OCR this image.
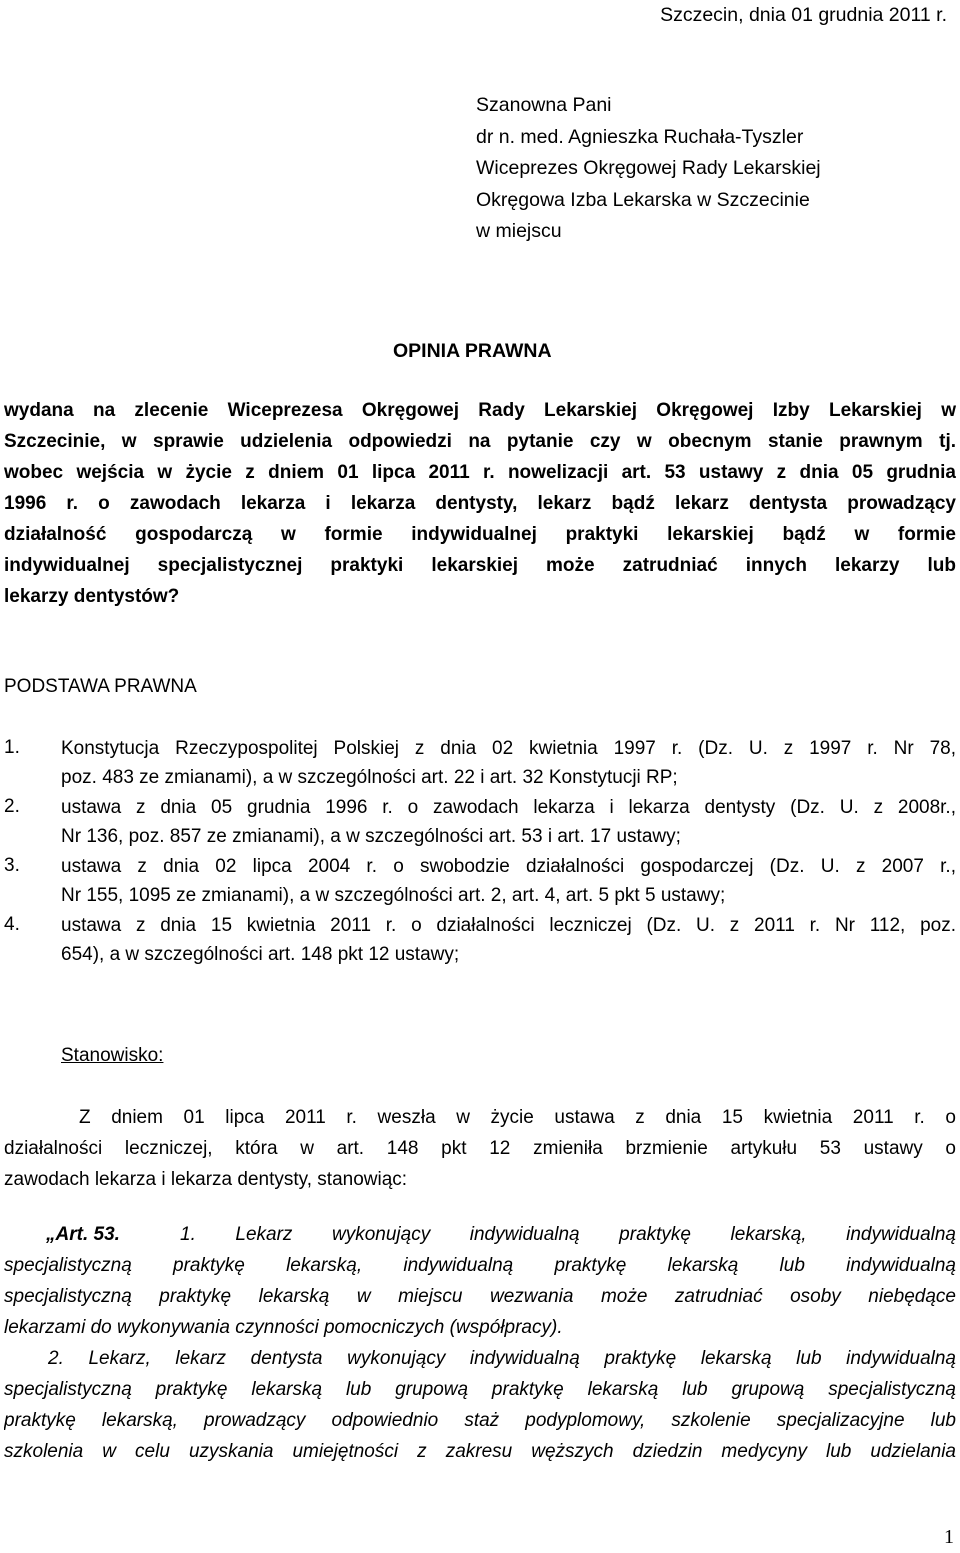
Szczecin, dnia 01 grudnia 2011 r.

Szanowna Pani
dr n. med. Agnieszka Ruchała-Tyszler
Wiceprezes Okręgowej Rady Lekarskiej
Okręgowa Izba Lekarska w Szczecinie
w miejscu

OPINIA PRAWNA

wydana na zlecenie Wiceprezesa Okręgowej Rady Lekarskiej Okręgowej Izby Lekarskiej w
Szczecinie, w sprawie udzielenia odpowiedzi na pytanie czy w obecnym stanie prawnym tj.
wobec wejścia w życie z dniem 01 lipca 2011 r. nowelizacji art. 53 ustawy z dnia 05 grudnia
1996 r. o zawodach lekarza i lekarza dentysty, lekarz bądź lekarz dentysta prowadzący
działalność gospodarczą w formie indywidualnej praktyki lekarskiej bądź w formie
indywidualnej specjalistycznej praktyki lekarskiej może zatrudniać innych lekarzy lub
lekarzy dentystów?

PODSTAWA PRAWNA

1.	Konstytucja Rzeczypospolitej Polskiej z dnia 02 kwietnia 1997 r. (Dz. U. z 1997 r. Nr 78,
poz. 483 ze zmianami), a w szczególności art. 22 i art. 32 Konstytucji RP;
2.	ustawa z dnia 05 grudnia 1996 r. o zawodach lekarza i lekarza dentysty (Dz. U. z 2008r.,
Nr 136, poz. 857 ze zmianami), a w szczególności art. 53 i art. 17 ustawy;
3.	ustawa z dnia 02 lipca 2004 r. o swobodzie działalności gospodarczej (Dz. U. z 2007 r.,
Nr 155, 1095 ze zmianami), a w szczególności art. 2, art. 4, art. 5 pkt 5 ustawy;
4.	ustawa z dnia 15 kwietnia 2011 r. o działalności leczniczej (Dz. U. z 2011 r. Nr 112, poz.
654), a w szczególności art. 148 pkt 12 ustawy;

Stanowisko:

Z dniem 01 lipca 2011 r. weszła w życie ustawa z dnia 15 kwietnia 2011 r. o
działalności leczniczej, która w art. 148 pkt 12 zmieniła brzmienie artykułu 53 ustawy o
zawodach lekarza i lekarza dentysty, stanowiąc:
„Art. 53.	1. Lekarz wykonujący indywidualną praktykę lekarską, indywidualną
specjalistyczną praktykę lekarską, indywidualną praktykę lekarską lub indywidualną
specjalistyczną praktykę lekarską w miejscu wezwania może zatrudniać osoby niebędące
lekarzami do wykonywania czynności pomocniczych (współpracy).
2. Lekarz, lekarz dentysta wykonujący indywidualną praktykę lekarską lub indywidualną
specjalistyczną praktykę lekarską lub grupową praktykę lekarską lub grupową specjalistyczną
praktykę lekarską, prowadzący odpowiednio staż podyplomowy, szkolenie specjalizacyjne lub
szkolenia w celu uzyskania umiejętności z zakresu węższych dziedzin medycyny lub udzielania

1
